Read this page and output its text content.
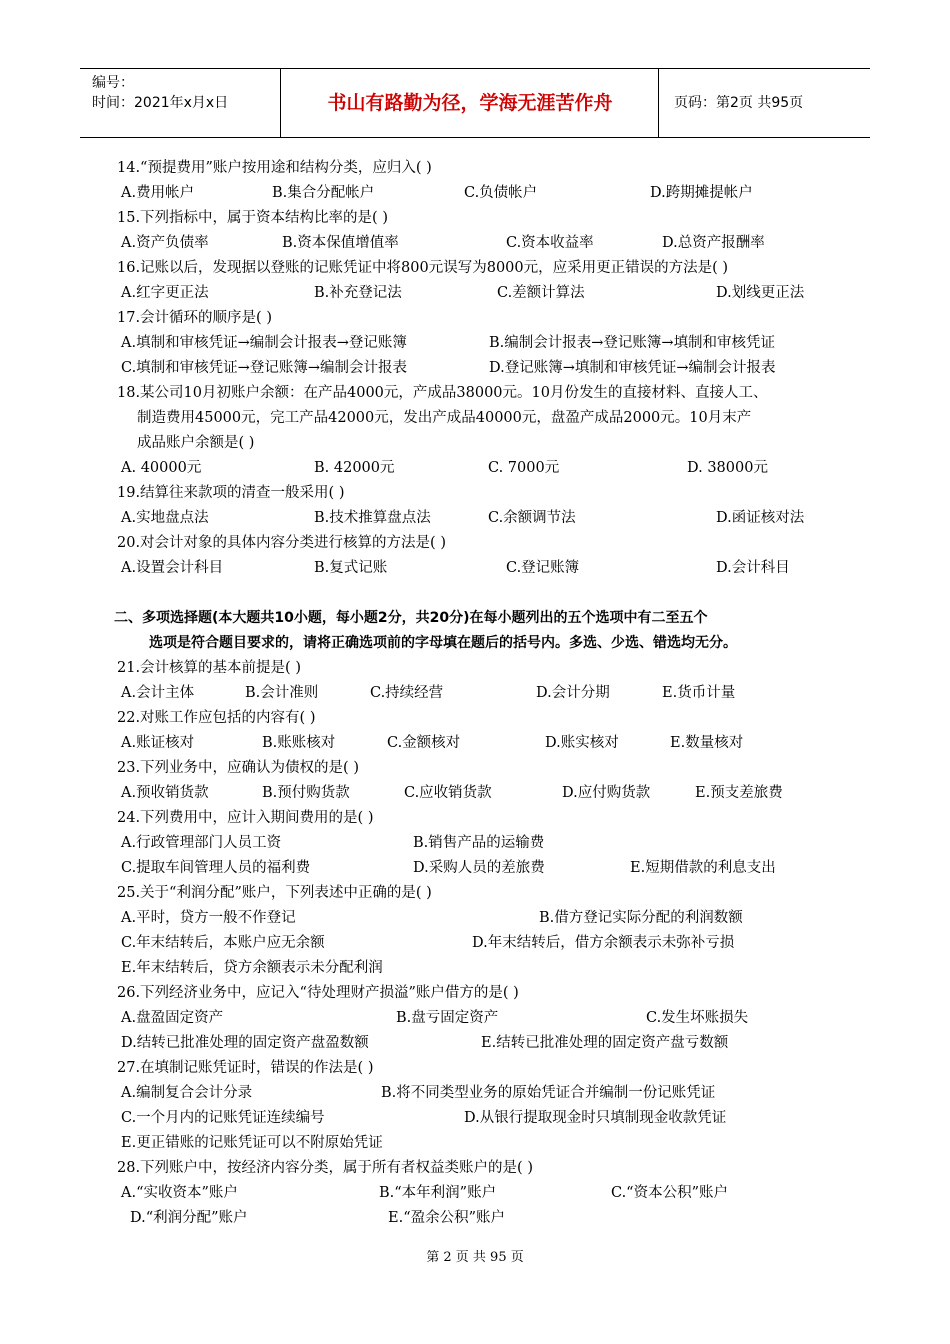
编号：
时间：2021年x月x日	书山有路勤为径，学海无涯苦作舟	页码：第2页 共95页
14.“预提费用”账户按用途和结构分类，应归入( )
A.费用帐户	B.集合分配帐户	C.负债帐户	D.跨期摊提帐户
15.下列指标中，属于资本结构比率的是( )
A.资产负债率	B.资本保值增值率	C.资本收益率	D.总资产报酬率
16.记账以后，发现据以登账的记账凭证中将800元误写为8000元，应采用更正错误的方法是( )
A.红字更正法	B.补充登记法	C.差额计算法	D.划线更正法
17.会计循环的顺序是( )
A.填制和审核凭证→编制会计报表→登记账簿	B.编制会计报表→登记账簿→填制和审核凭证
C.填制和审核凭证→登记账簿→编制会计报表	D.登记账簿→填制和审核凭证→编制会计报表
18.某公司10月初账户余额：在产品4000元，产成品38000元。10月份发生的直接材料、直接人工、
制造费用45000元，完工产品42000元，发出产成品40000元，盘盈产成品2000元。10月末产
成品账户余额是( )
A. 40000元	B. 42000元	C. 7000元	D. 38000元
19.结算往来款项的清查一般采用( )
A.实地盘点法	B.技术推算盘点法	C.余额调节法	D.函证核对法
20.对会计对象的具体内容分类进行核算的方法是( )
A.设置会计科目	B.复式记账	C.登记账簿	D.会计科目
二、多项选择题(本大题共10小题，每小题2分，共20分)在每小题列出的五个选项中有二至五个
选项是符合题目要求的，请将正确选项前的字母填在题后的括号内。多选、少选、错选均无分。
21.会计核算的基本前提是( )
A.会计主体	B.会计准则	C.持续经营	D.会计分期	E.货币计量
22.对账工作应包括的内容有( )
A.账证核对	B.账账核对	C.金额核对	D.账实核对	E.数量核对
23.下列业务中，应确认为债权的是( )
A.预收销货款	B.预付购货款	C.应收销货款	D.应付购货款	E.预支差旅费
24.下列费用中，应计入期间费用的是( )
A.行政管理部门人员工资	B.销售产品的运输费
C.提取车间管理人员的福利费	D.采购人员的差旅费	E.短期借款的利息支出
25.关于“利润分配”账户，下列表述中正确的是( )
A.平时，贷方一般不作登记	B.借方登记实际分配的利润数额
C.年末结转后，本账户应无余额	D.年末结转后，借方余额表示未弥补亏损
E.年末结转后，贷方余额表示未分配利润
26.下列经济业务中，应记入“待处理财产损溢”账户借方的是( )
A.盘盈固定资产	B.盘亏固定资产	C.发生坏账损失
D.结转已批准处理的固定资产盘盈数额	E.结转已批准处理的固定资产盘亏数额
27.在填制记账凭证时，错误的作法是( )
A.编制复合会计分录	B.将不同类型业务的原始凭证合并编制一份记账凭证
C.一个月内的记账凭证连续编号	D.从银行提取现金时只填制现金收款凭证
E.更正错账的记账凭证可以不附原始凭证
28.下列账户中，按经济内容分类，属于所有者权益类账户的是( )
A.“实收资本”账户	B.“本年利润”账户	C.“资本公积”账户
D.“利润分配”账户	E.“盈余公积”账户
第 2 页 共 95 页
